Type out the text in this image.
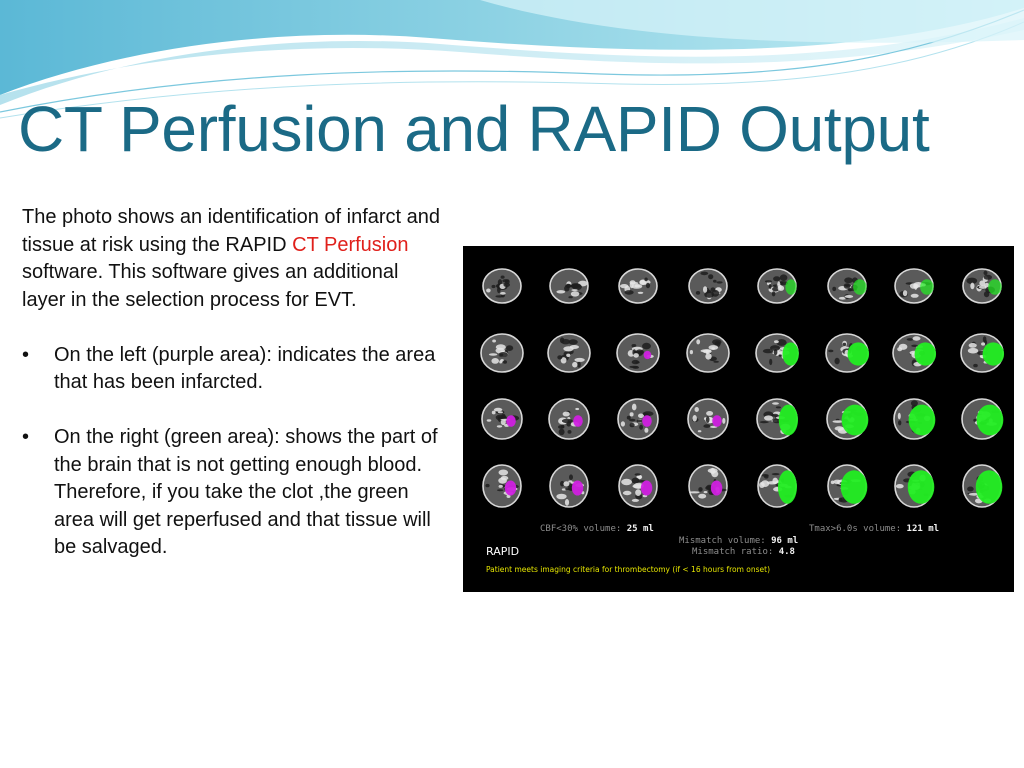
CT Perfusion and RAPID Output

The photo shows an identification of infarct and tissue at risk using the RAPID CT Perfusion software. This software gives an additional layer in the selection process for EVT.

• On the left (purple area): indicates the area that has been infarcted.
• On the right (green area): shows the part of the brain that is not getting enough blood. Therefore, if you take the clot ,the green area will get reperfused and that tissue will be salvaged.
CBF<30% volume: 25 ml	Tmax>6.0s volume: 121 ml
Mismatch volume: 96 ml
Mismatch ratio: 4.8
RAPID
Patient meets imaging criteria for thrombectomy (if < 16 hours from onset)
